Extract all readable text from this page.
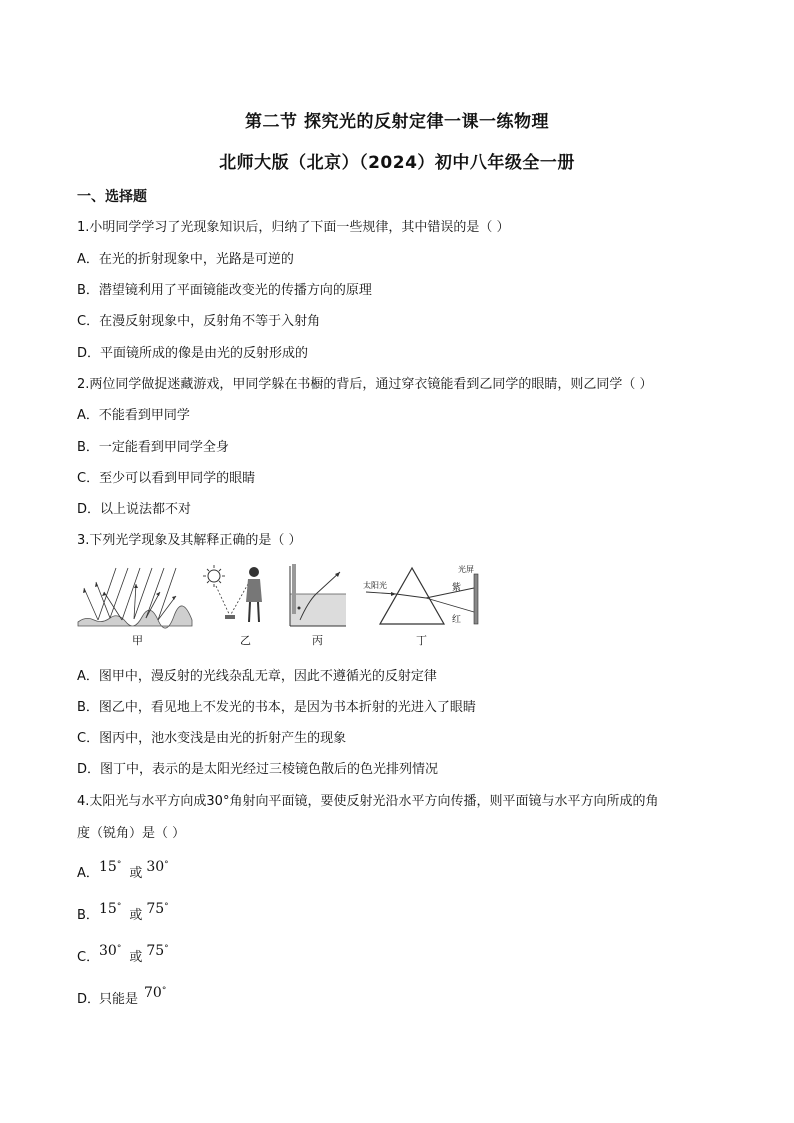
第二节 探究光的反射定律一课一练物理
北师大版（北京）（2024）初中八年级全一册
一、选择题
1.小明同学学习了光现象知识后，归纳了下面一些规律，其中错误的是（ ）
A．在光的折射现象中，光路是可逆的
B．潜望镜利用了平面镜能改变光的传播方向的原理
C．在漫反射现象中，反射角不等于入射角
D．平面镜所成的像是由光的反射形成的
2.两位同学做捉迷藏游戏，甲同学躲在书橱的背后，通过穿衣镜能看到乙同学的眼睛，则乙同学（ ）
A．不能看到甲同学
B．一定能看到甲同学全身
C．至少可以看到甲同学的眼睛
D．以上说法都不对
3.下列光学现象及其解释正确的是（ ）
甲	乙	丙
太阳光
光屏
紫
红
丁
A．图甲中，漫反射的光线杂乱无章，因此不遵循光的反射定律
B．图乙中，看见地上不发光的书本，是因为书本折射的光进入了眼睛
C．图丙中，池水变浅是由光的折射产生的现象
D．图丁中，表示的是太阳光经过三棱镜色散后的色光排列情况
4.太阳光与水平方向成30°角射向平面镜，要使反射光沿水平方向传播，则平面镜与水平方向所成的角
度（锐角）是（ ）
A．15°或 30°
B．15°或 75°
C．30°或 75°
D．只能是 70°
